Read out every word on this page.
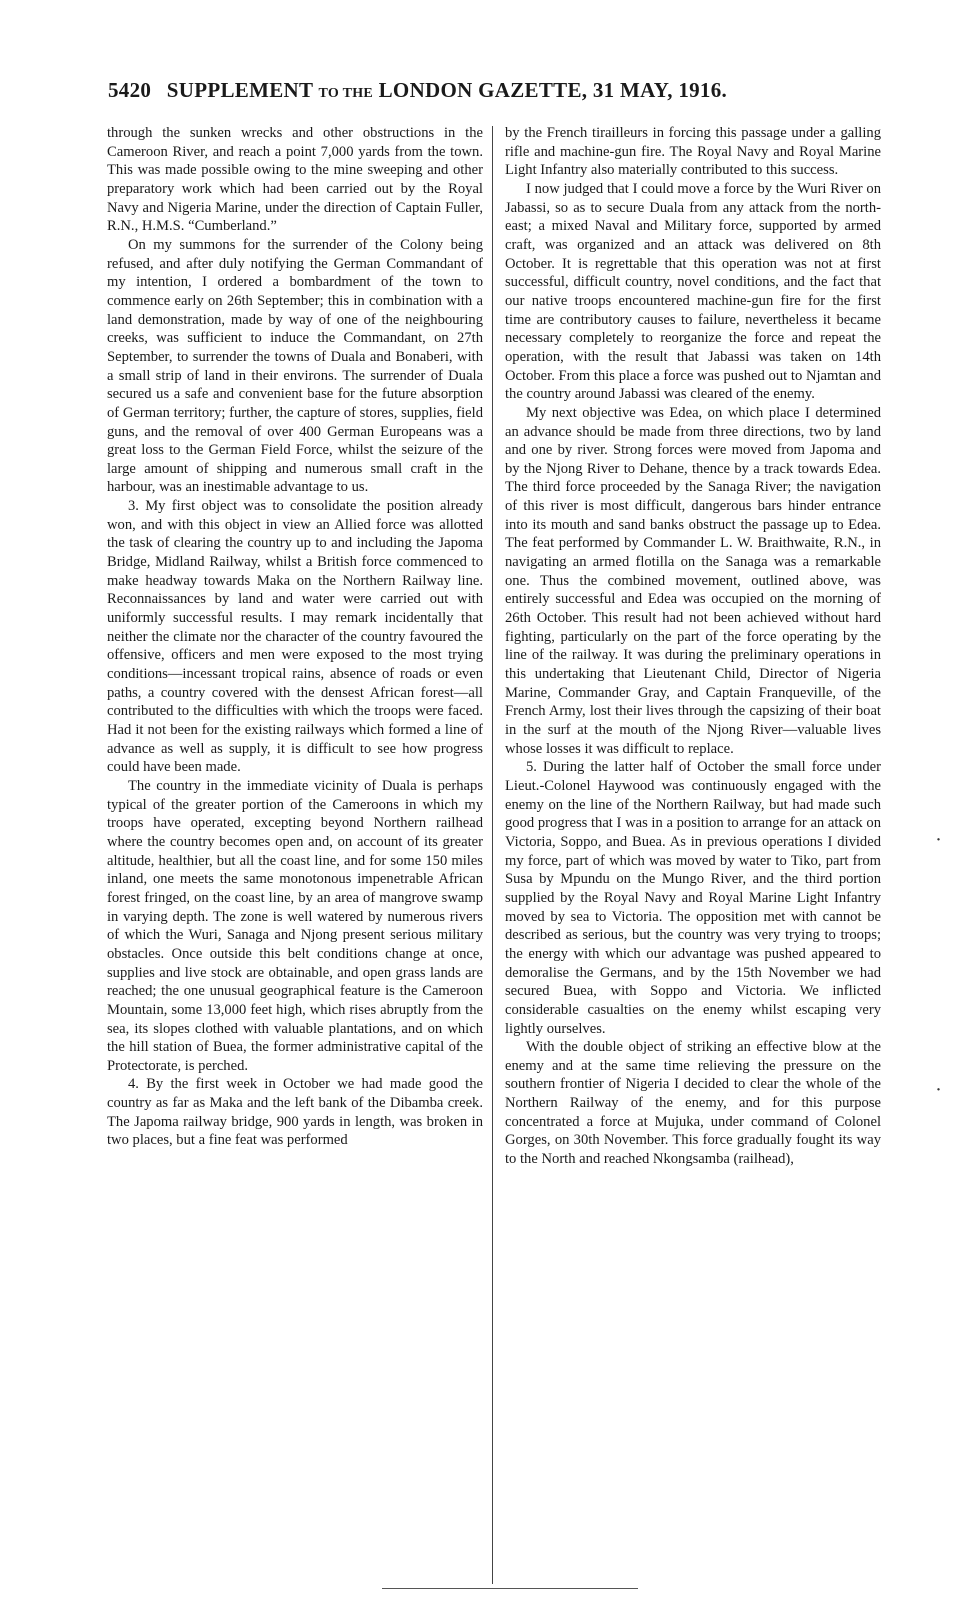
5420 SUPPLEMENT TO THE LONDON GAZETTE, 31 MAY, 1916.

through the sunken wrecks and other obstructions in the Cameroon River, and reach a point 7,000 yards from the town. This was made possible owing to the mine sweeping and other preparatory work which had been carried out by the Royal Navy and Nigeria Marine, under the direction of Captain Fuller, R.N., H.M.S. “Cumberland.”

On my summons for the surrender of the Colony being refused, and after duly notifying the German Commandant of my intention, I ordered a bombardment of the town to commence early on 26th September; this in combination with a land demonstration, made by way of one of the neighbouring creeks, was sufficient to induce the Commandant, on 27th September, to surrender the towns of Duala and Bonaberi, with a small strip of land in their environs. The surrender of Duala secured us a safe and convenient base for the future absorption of German territory; further, the capture of stores, supplies, field guns, and the removal of over 400 German Europeans was a great loss to the German Field Force, whilst the seizure of the large amount of shipping and numerous small craft in the harbour, was an inestimable advantage to us.

3. My first object was to consolidate the position already won, and with this object in view an Allied force was allotted the task of clearing the country up to and including the Japoma Bridge, Midland Railway, whilst a British force commenced to make headway towards Maka on the Northern Railway line. Reconnaissances by land and water were carried out with uniformly successful results. I may remark incidentally that neither the climate nor the character of the country favoured the offensive, officers and men were exposed to the most trying conditions—incessant tropical rains, absence of roads or even paths, a country covered with the densest African forest—all contributed to the difficulties with which the troops were faced. Had it not been for the existing railways which formed a line of advance as well as supply, it is difficult to see how progress could have been made.

The country in the immediate vicinity of Duala is perhaps typical of the greater portion of the Cameroons in which my troops have operated, excepting beyond Northern railhead where the country becomes open and, on account of its greater altitude, healthier, but all the coast line, and for some 150 miles inland, one meets the same monotonous impenetrable African forest fringed, on the coast line, by an area of mangrove swamp in varying depth. The zone is well watered by numerous rivers of which the Wuri, Sanaga and Njong present serious military obstacles. Once outside this belt conditions change at once, supplies and live stock are obtainable, and open grass lands are reached; the one unusual geographical feature is the Cameroon Mountain, some 13,000 feet high, which rises abruptly from the sea, its slopes clothed with valuable plantations, and on which the hill station of Buea, the former administrative capital of the Protectorate, is perched.

4. By the first week in October we had made good the country as far as Maka and the left bank of the Dibamba creek. The Japoma railway bridge, 900 yards in length, was broken in two places, but a fine feat was performed

by the French tirailleurs in forcing this passage under a galling rifle and machine-gun fire. The Royal Navy and Royal Marine Light Infantry also materially contributed to this success.

I now judged that I could move a force by the Wuri River on Jabassi, so as to secure Duala from any attack from the north-east; a mixed Naval and Military force, supported by armed craft, was organized and an attack was delivered on 8th October. It is regrettable that this operation was not at first successful, difficult country, novel conditions, and the fact that our native troops encountered machine-gun fire for the first time are contributory causes to failure, nevertheless it became necessary completely to reorganize the force and repeat the operation, with the result that Jabassi was taken on 14th October. From this place a force was pushed out to Njamtan and the country around Jabassi was cleared of the enemy.

My next objective was Edea, on which place I determined an advance should be made from three directions, two by land and one by river. Strong forces were moved from Japoma and by the Njong River to Dehane, thence by a track towards Edea. The third force proceeded by the Sanaga River; the navigation of this river is most difficult, dangerous bars hinder entrance into its mouth and sand banks obstruct the passage up to Edea. The feat performed by Commander L. W. Braithwaite, R.N., in navigating an armed flotilla on the Sanaga was a remarkable one. Thus the combined movement, outlined above, was entirely successful and Edea was occupied on the morning of 26th October. This result had not been achieved without hard fighting, particularly on the part of the force operating by the line of the railway. It was during the preliminary operations in this undertaking that Lieutenant Child, Director of Nigeria Marine, Commander Gray, and Captain Franqueville, of the French Army, lost their lives through the capsizing of their boat in the surf at the mouth of the Njong River—valuable lives whose losses it was difficult to replace.

5. During the latter half of October the small force under Lieut.-Colonel Haywood was continuously engaged with the enemy on the line of the Northern Railway, but had made such good progress that I was in a position to arrange for an attack on Victoria, Soppo, and Buea. As in previous operations I divided my force, part of which was moved by water to Tiko, part from Susa by Mpundu on the Mungo River, and the third portion supplied by the Royal Navy and Royal Marine Light Infantry moved by sea to Victoria. The opposition met with cannot be described as serious, but the country was very trying to troops; the energy with which our advantage was pushed appeared to demoralise the Germans, and by the 15th November we had secured Buea, with Soppo and Victoria. We inflicted considerable casualties on the enemy whilst escaping very lightly ourselves.

With the double object of striking an effective blow at the enemy and at the same time relieving the pressure on the southern frontier of Nigeria I decided to clear the whole of the Northern Railway of the enemy, and for this purpose concentrated a force at Mujuka, under command of Colonel Gorges, on 30th November. This force gradually fought its way to the North and reached Nkongsamba (railhead),

·
·
